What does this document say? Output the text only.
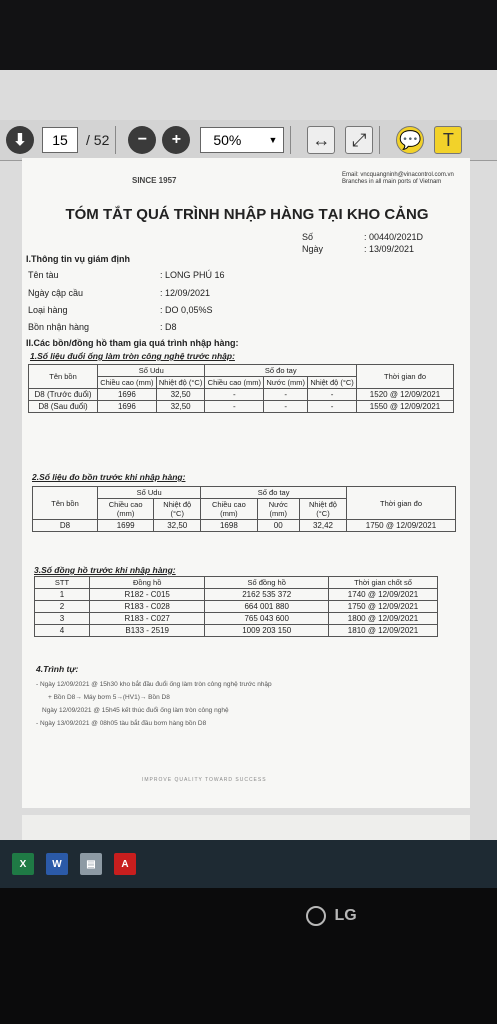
⬇	15	/ 52	−	+	50%	▼ ↔	⤢	💬	T
SINCE 1957
Email: vncquangninh@vinacontrol.com.vn
Branches in all main ports of Vietnam
TÓM TẮT QUÁ TRÌNH NHẬP HÀNG TẠI KHO CẢNG
Số	: 00440/2021D
Ngày	: 13/09/2021
I.Thông tin vụ giám định
Tên tàu	: LONG PHÚ 16
Ngày cập cầu	: 12/09/2021
Loại hàng	: DO 0,05%S
Bồn nhận hàng	: D8
II.Các bồn/đồng hồ tham gia quá trình nhập hàng:
1.Số liệu đuổi ống làm tròn công nghệ trước nhập:
Tên bồn	Số Udu		Số đo tay			Thời gian đo
	Chiều cao (mm)	Nhiệt độ (°C)	Chiều cao (mm)	Nước (mm)	Nhiệt độ (°C)	
D8 (Trước đuổi)	1696	32,50	-	-	-	1520 @ 12/09/2021
D8 (Sau đuổi)	1696	32,50	-	-	-	1550 @ 12/09/2021
2.Số liệu đo bồn trước khi nhập hàng:
Tên bồn	Số Udu		Số đo tay			Thời gian đo
	Chiều cao (mm)	Nhiệt độ (°C)	Chiều cao (mm)	Nước (mm)	Nhiệt độ (°C)	
D8	1699	32,50	1698	00	32,42	1750 @ 12/09/2021
3.Số đồng hồ trước khi nhập hàng:
STT	Đồng hồ	Số đồng hồ	Thời gian chốt số
1	R182 - C015	2162 535 372	1740 @ 12/09/2021
2	R183 - C028	664 001 880	1750 @ 12/09/2021
3	R183 - C027	765 043 600	1800 @ 12/09/2021
4	B133 - 2519	1009 203 150	1810 @ 12/09/2021
4.Trình tự:
- Ngày 12/09/2021 @ 15h30 kho bắt đầu đuổi ống làm tròn công nghệ trước nhập
+ Bồn D8→ Máy bơm 5→(HV1)→ Bồn D8
Ngày 12/09/2021 @ 15h45 kết thúc đuổi ống làm tròn công nghệ
- Ngày 13/09/2021 @ 08h05 tàu bắt đầu bơm hàng bồn D8
IMPROVE QUALITY TOWARD SUCCESS
X	W	▤	A
LG
